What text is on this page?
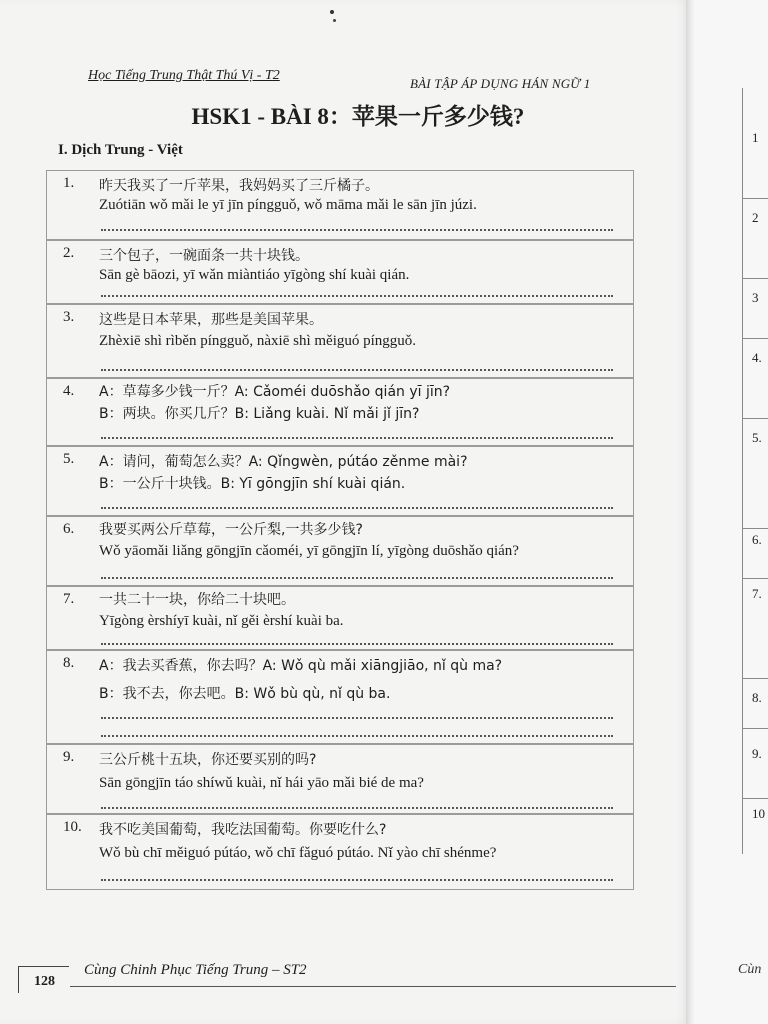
Học Tiếng Trung Thật Thú Vị - T2
BÀI TẬP ÁP DỤNG HÁN NGỮ 1
HSK1 - BÀI 8：苹果一斤多少钱?
I. Dịch Trung - Việt
1. 昨天我买了一斤苹果，我妈妈买了三斤橘子。
Zuótiān wǒ mǎi le yī jīn píngguǒ, wǒ māma mǎi le sān jīn júzi.
2. 三个包子，一碗面条一共十块钱。
Sān gè bāozi, yī wǎn miàntiáo yīgòng shí kuài qián.
3. 这些是日本苹果，那些是美国苹果。
Zhèxiē shì rìběn píngguǒ, nàxiē shì měiguó píngguǒ.
4. A：草莓多少钱一斤？A: Cǎoméi duōshǎo qián yī jīn?
B：两块。你买几斤？B: Liǎng kuài. Nǐ mǎi jǐ jīn?
5. A：请问，葡萄怎么卖？A: Qǐngwèn, pútáo zěnme mài?
B：一公斤十块钱。B: Yī gōngjīn shí kuài qián.
6. 我要买两公斤草莓，一公斤梨,一共多少钱?
Wǒ yāomǎi liǎng gōngjīn cǎoméi, yī gōngjīn lí, yīgòng duōshǎo qián?
7. 一共二十一块，你给二十块吧。
Yīgòng èrshíyī kuài, nǐ gěi èrshí kuài ba.
8. A：我去买香蕉，你去吗？A: Wǒ qù mǎi xiāngjiāo, nǐ qù ma?
B：我不去，你去吧。B: Wǒ bù qù, nǐ qù ba.
9. 三公斤桃十五块，你还要买别的吗?
Sān gōngjīn táo shíwǔ kuài, nǐ hái yāo mǎi bié de ma?
10. 我不吃美国葡萄，我吃法国葡萄。你要吃什么?
Wǒ bù chī měiguó pútáo, wǒ chī fǎguó pútáo. Nǐ yào chī shénme?
128
Cùng Chinh Phục Tiếng Trung – ST2
1
2
3
4.
5.
6.
7.
8.
9.
10
Cùn
